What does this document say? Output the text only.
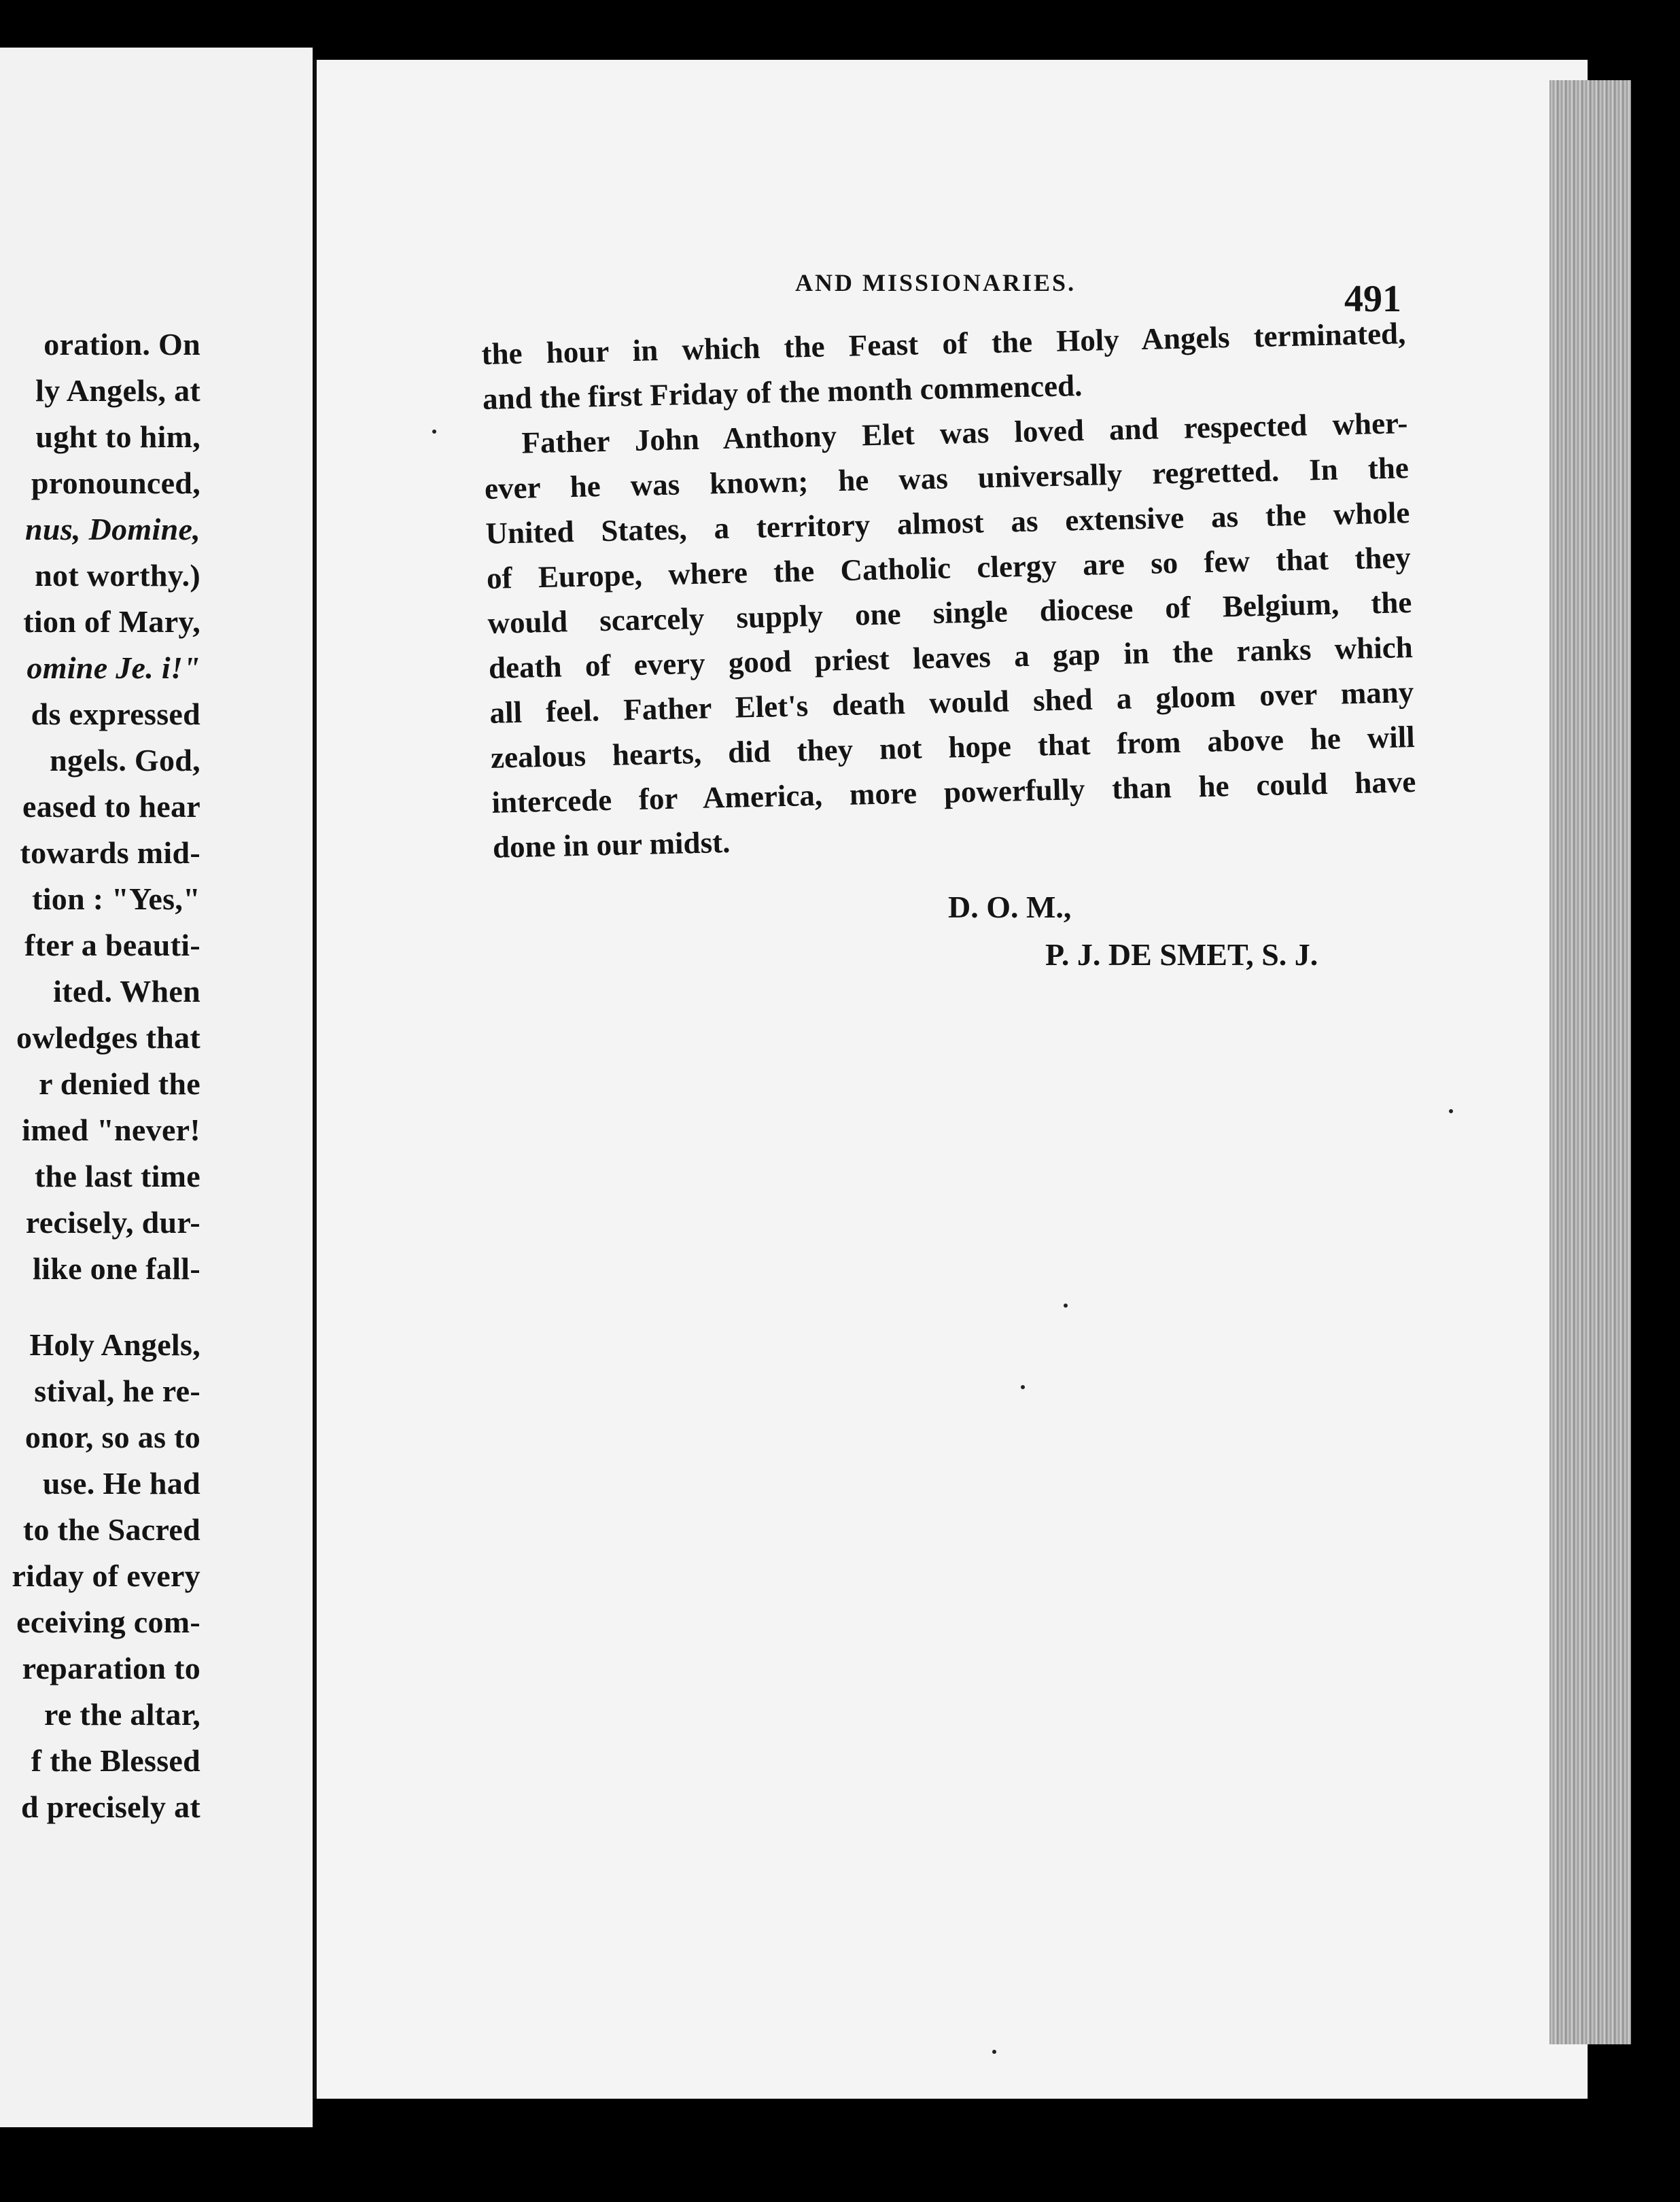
oration. On
ly Angels, at
ught to him,
pronounced,
nus, Domine,
not worthy.)
tion of Mary,
omine Je. i!"
ds expressed
ngels. God,
eased to hear
towards mid-
tion : "Yes,"
fter a beauti-
ited. When
owledges that
r denied the
imed "never!
the last time
recisely, dur-
like one fall-
Holy Angels,
stival, he re-
onor, so as to
use. He had
to the Sacred
riday of every
eceiving com-
reparation to
re the altar,
f the Blessed
d precisely at
AND MISSIONARIES.	491
the hour in which the Feast of the Holy Angels terminated,
and the first Friday of the month commenced.
Father John Anthony Elet was loved and respected wher-
ever he was known; he was universally regretted. In the
United States, a territory almost as extensive as the whole
of Europe, where the Catholic clergy are so few that they
would scarcely supply one single diocese of Belgium, the
death of every good priest leaves a gap in the ranks which
all feel. Father Elet's death would shed a gloom over many
zealous hearts, did they not hope that from above he will
intercede for America, more powerfully than he could have
done in our midst.
D. O. M.,
P. J. DE SMET, S. J.
